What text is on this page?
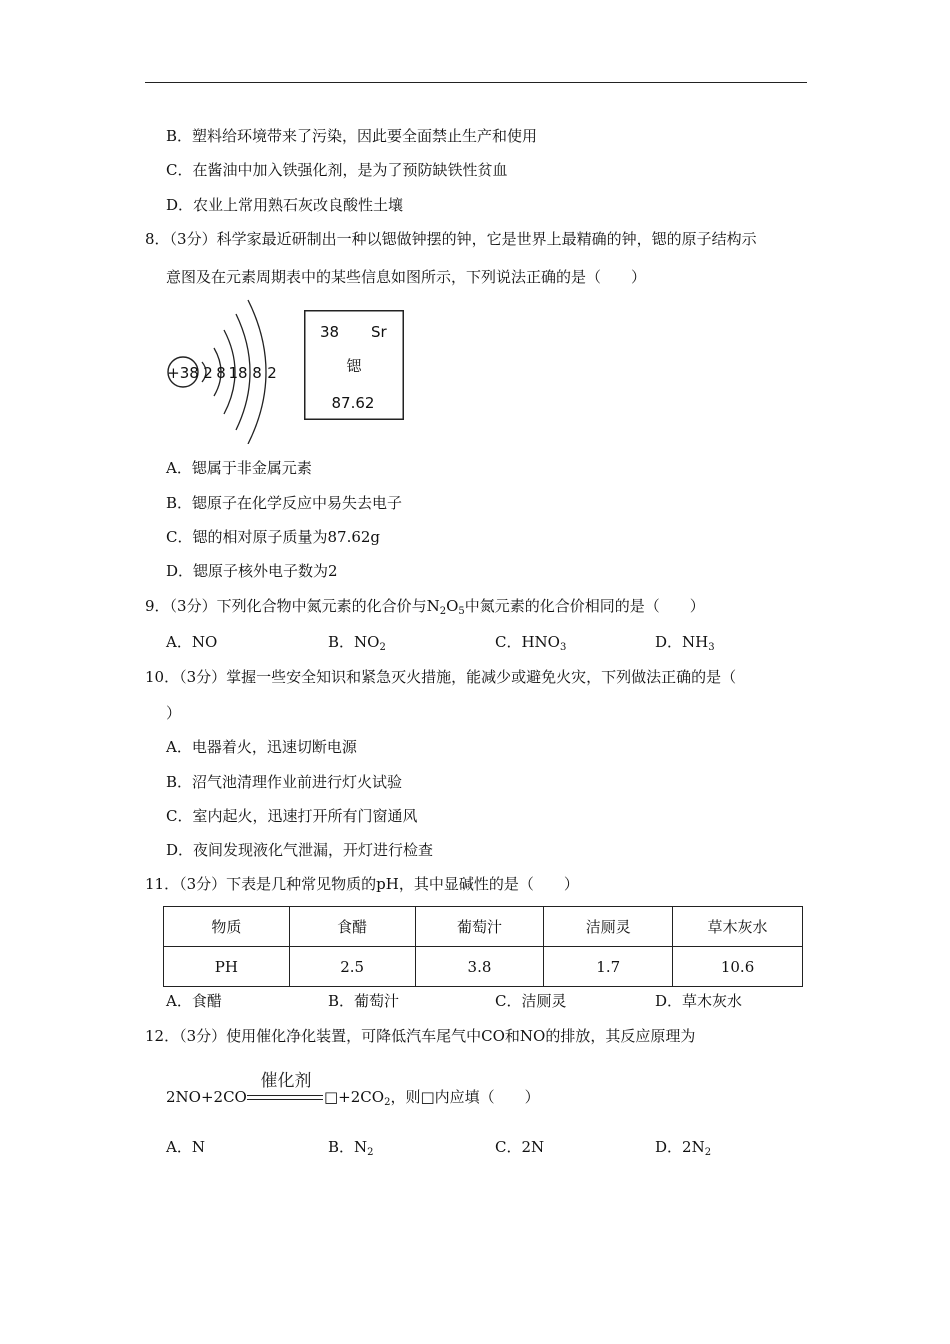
B．塑料给环境带来了污染，因此要全面禁止生产和使用
C．在酱油中加入铁强化剂，是为了预防缺铁性贫血
D．农业上常用熟石灰改良酸性土壤
8．（3分）科学家最近研制出一种以锶做钟摆的钟，它是世界上最精确的钟，锶的原子结构示
意图及在元素周期表中的某些信息如图所示，下列说法正确的是（　　）
+38 2 8 18 8 2
38 Sr
锶
87.62
A．锶属于非金属元素
B．锶原子在化学反应中易失去电子
C．锶的相对原子质量为87.62g
D．锶原子核外电子数为2
9．（3分）下列化合物中氮元素的化合价与$N_2O_5$中氮元素的化合价相同的是（　　）
A．NO	B．$NO_2$	C．$HNO_3$	D．$NH_3$
10．（3分）掌握一些安全知识和紧急灭火措施，能减少或避免火灾，下列做法正确的是（
）
A．电器着火，迅速切断电源
B．沼气池清理作业前进行灯火试验
C．室内起火，迅速打开所有门窗通风
D．夜间发现液化气泄漏，开灯进行检查
11．（3分）下表是几种常见物质的pH，其中显碱性的是（　　）
物质	食醋	葡萄汁	洁厕灵	草木灰水
PH	2.5	3.8	1.7	10.6
A．食醋	B．葡萄汁	C．洁厕灵	D．草木灰水
12．（3分）使用催化净化装置，可降低汽车尾气中CO和NO的排放，其反应原理为
2NO+2CO
催化剂
$□+2CO_2$，则□内应填（　　）
A．N	B．$N_2$	C．2N	D．$2N_2$
